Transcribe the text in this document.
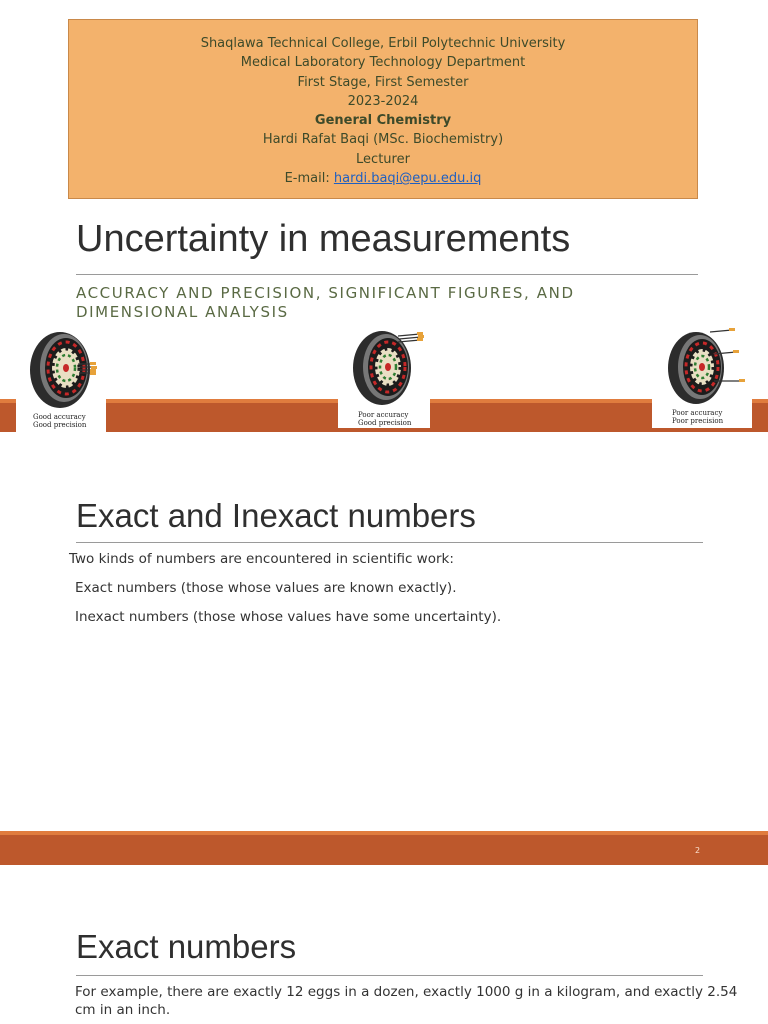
Shaqlawa Technical College, Erbil Polytechnic University
Medical Laboratory Technology Department
First Stage, First Semester
2023-2024
General Chemistry
Hardi Rafat Baqi (MSc. Biochemistry)
Lecturer
E-mail: hardi.baqi@epu.edu.iq
Uncertainty in measurements
ACCURACY AND PRECISION, SIGNIFICANT FIGURES, AND DIMENSIONAL ANALYSIS
Good accuracy
Good precision
Poor accuracy
Good precision
Poor accuracy
Poor precision
Exact and Inexact numbers
Two kinds of numbers are encountered in scientific work:
Exact numbers (those whose values are known exactly).
Inexact numbers (those whose values have some uncertainty).
2
Exact numbers
For example, there are exactly 12 eggs in a dozen, exactly 1000 g in a kilogram, and exactly 2.54
cm in an inch.
